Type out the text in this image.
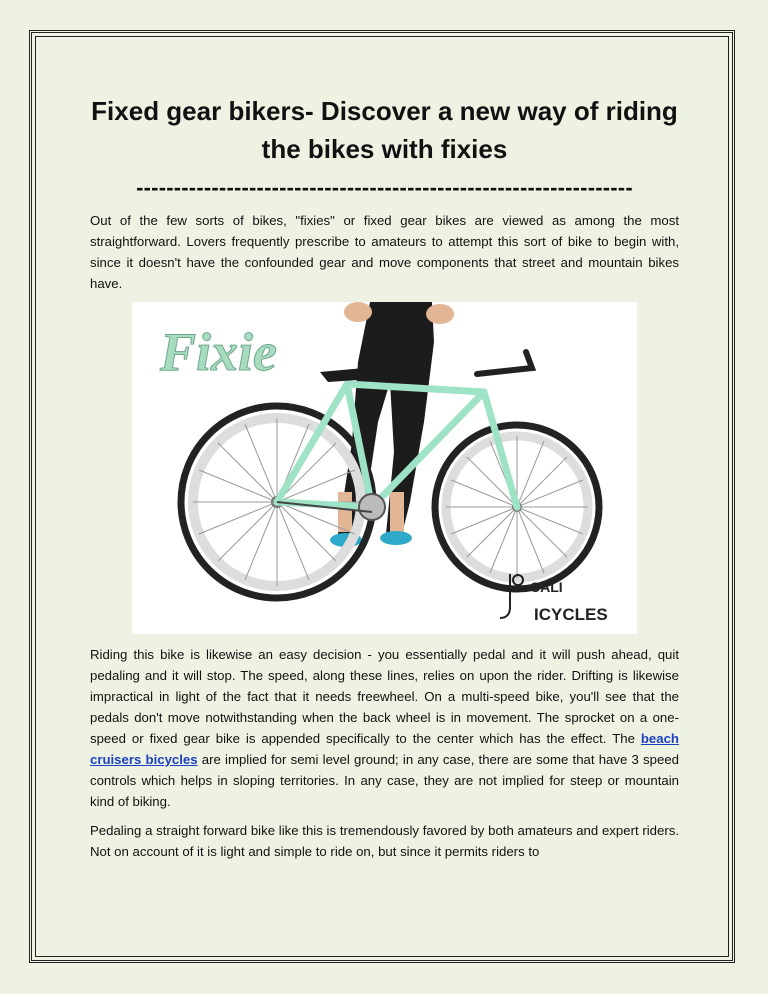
Fixed gear bikers- Discover a new way of riding
the bikes with fixies
------------------------------------------------------------------

Out of the few sorts of bikes, "fixies" or fixed gear bikes are viewed as among the most straightforward. Lovers frequently prescribe to amateurs to attempt this sort of bike to begin with, since it doesn't have the confounded gear and move components that street and mountain bikes have.

Fixie
CALI
ICYCLES

Riding this bike is likewise an easy decision - you essentially pedal and it will push ahead, quit pedaling and it will stop. The speed, along these lines, relies on upon the rider. Drifting is likewise impractical in light of the fact that it needs freewheel. On a multi-speed bike, you'll see that the pedals don't move notwithstanding when the back wheel is in movement. The sprocket on a one-speed or fixed gear bike is appended specifically to the center which has the effect. The beach cruisers bicycles are implied for semi level ground; in any case, there are some that have 3 speed controls which helps in sloping territories. In any case, they are not implied for steep or mountain kind of biking.

Pedaling a straight forward bike like this is tremendously favored by both amateurs and expert riders. Not on account of it is light and simple to ride on, but since it permits riders to
